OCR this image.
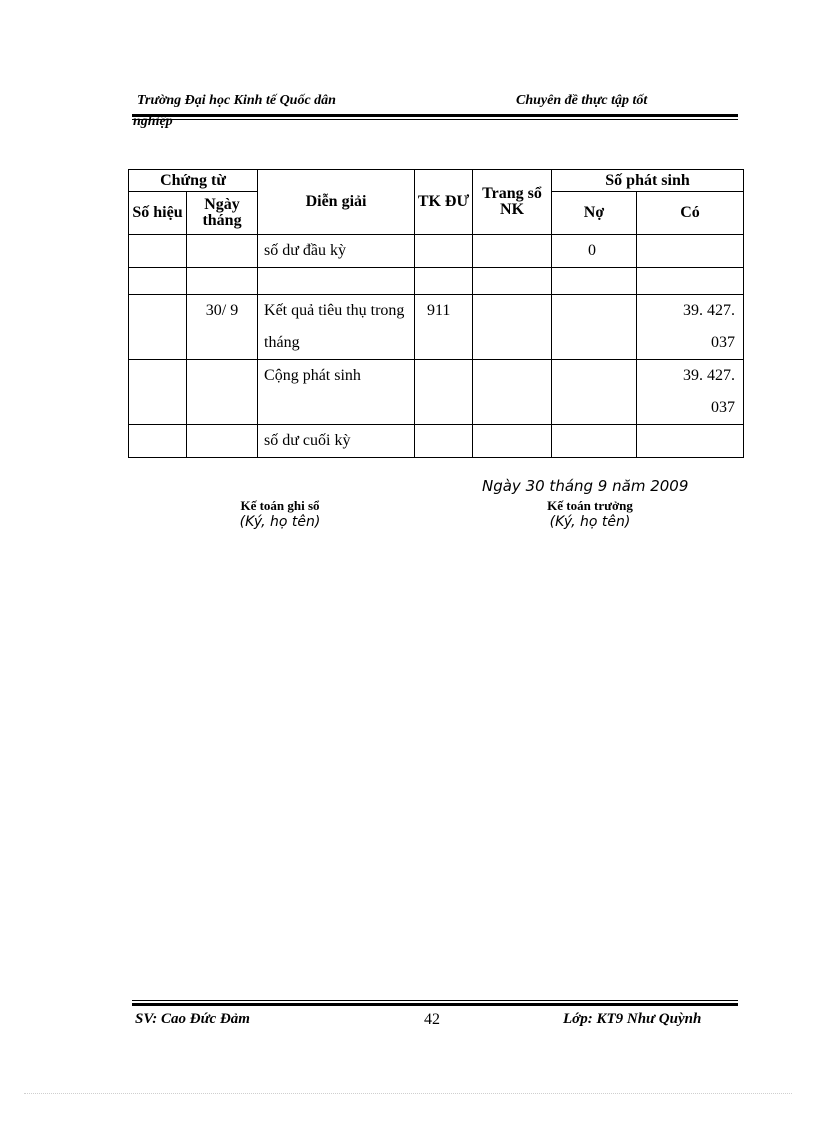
Trường Đại học Kinh tế Quốc dân	Chuyên đề thực tập tốt
nghiệp
Chứng từ		Diễn giải	TK ĐƯ	Trang sổ NK	Số phát sinh	
Số hiệu	Ngày tháng				Nợ	Có
		số dư đầu kỳ			0	

	30/ 9	Kết quả tiêu thụ trong tháng	911			39. 427. 037
		Cộng phát sinh				39. 427. 037
		số dư cuối kỳ				
Ngày 30 tháng 9 năm 2009
Kế toán ghi sổ
(Ký, họ tên)
Kế toán trưởng
(Ký, họ tên)
SV: Cao Đức Đảm	42	Lớp: KT9 Như Quỳnh
